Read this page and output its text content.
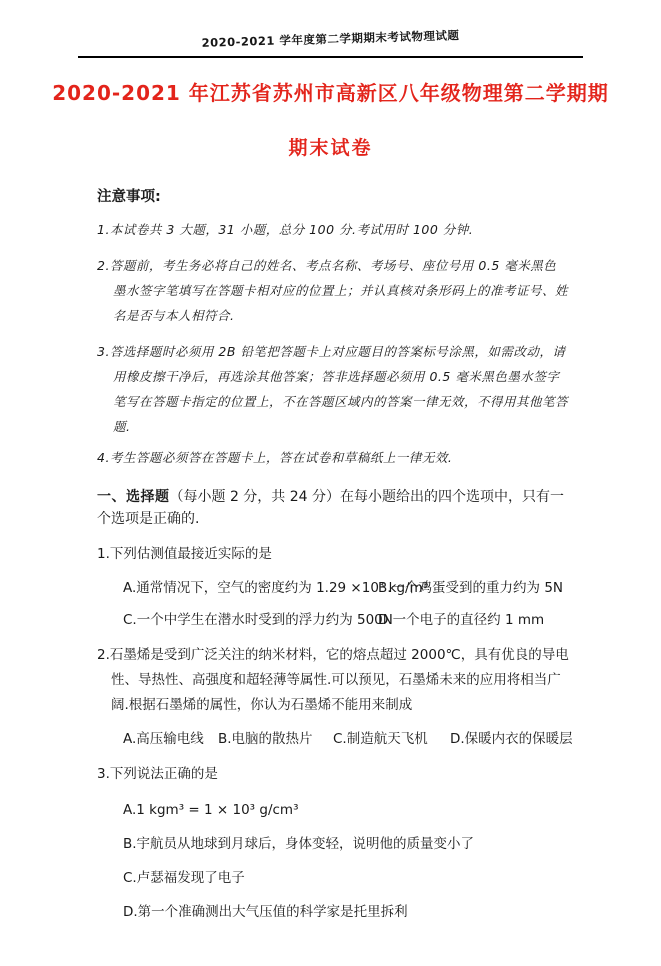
2020-2021 学年度第二学期期末考试物理试题
2020-2021 年江苏省苏州市高新区八年级物理第二学期期
期末试卷
注意事项:

1.本试卷共 3 大题，31 小题，总分 100 分.考试用时 100 分钟.

2.答题前，考生务必将自己的姓名、考点名称、考场号、座位号用 0.5 毫米黑色墨水签字笔填写在答题卡相对应的位置上；并认真核对条形码上的准考证号、姓名是否与本人相符合.

3.答选择题时必须用 2B 铅笔把答题卡上对应题目的答案标号涂黑，如需改动，请用橡皮擦干净后，再选涂其他答案；答非选择题必须用 0.5 毫米黑色墨水签字笔写在答题卡指定的位置上，不在答题区域内的答案一律无效，不得用其他笔答题.

4.考生答题必须答在答题卡上，答在试卷和草稿纸上一律无效.

一、选择题（每小题 2 分，共 24 分）在每小题给出的四个选项中，只有一个选项是正确的.
1.下列估测值最接近实际的是
A.通常情况下，空气的密度约为 1.29 ×10³ kg/m³B.一个鸡蛋受到的重力约为 5N
C.一个中学生在潜水时受到的浮力约为 500ND.一个电子的直径约 1 mm
2.石墨烯是受到广泛关注的纳米材料，它的熔点超过 2000℃，具有优良的导电性、导热性、高强度和超轻薄等属性.可以预见，石墨烯未来的应用将相当广阔.根据石墨烯的属性，你认为石墨烯不能用来制成
A.高压输电线 B.电脑的散热片 C.制造航天飞机 D.保暖内衣的保暖层
3.下列说法正确的是
A.1 kgm³ = 1 × 10³ g/cm³
B.宇航员从地球到月球后，身体变轻，说明他的质量变小了
C.卢瑟福发现了电子
D.第一个准确测出大气压值的科学家是托里拆利
